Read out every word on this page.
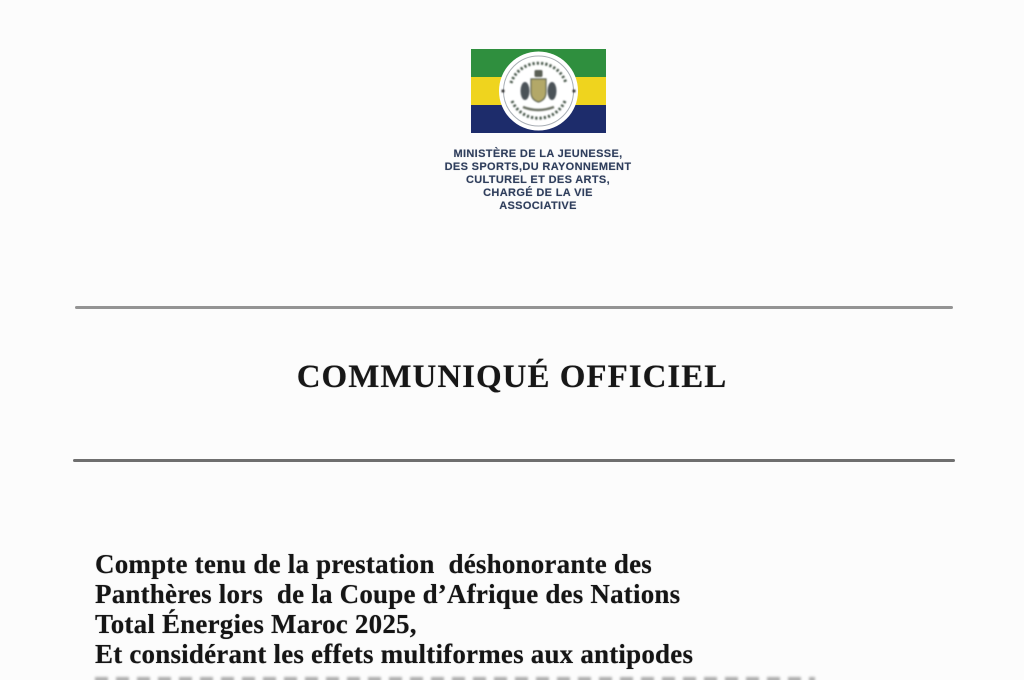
MINISTÈRE DE LA JEUNESSE,
DES SPORTS,DU RAYONNEMENT
CULTUREL ET DES ARTS,
CHARGÉ DE LA VIE
ASSOCIATIVE
COMMUNIQUÉ OFFICIEL
Compte tenu de la prestation  déshonorante des
Panthères lors  de la Coupe d’Afrique des Nations
Total Énergies Maroc 2025,
Et considérant les effets multiformes aux antipodes
